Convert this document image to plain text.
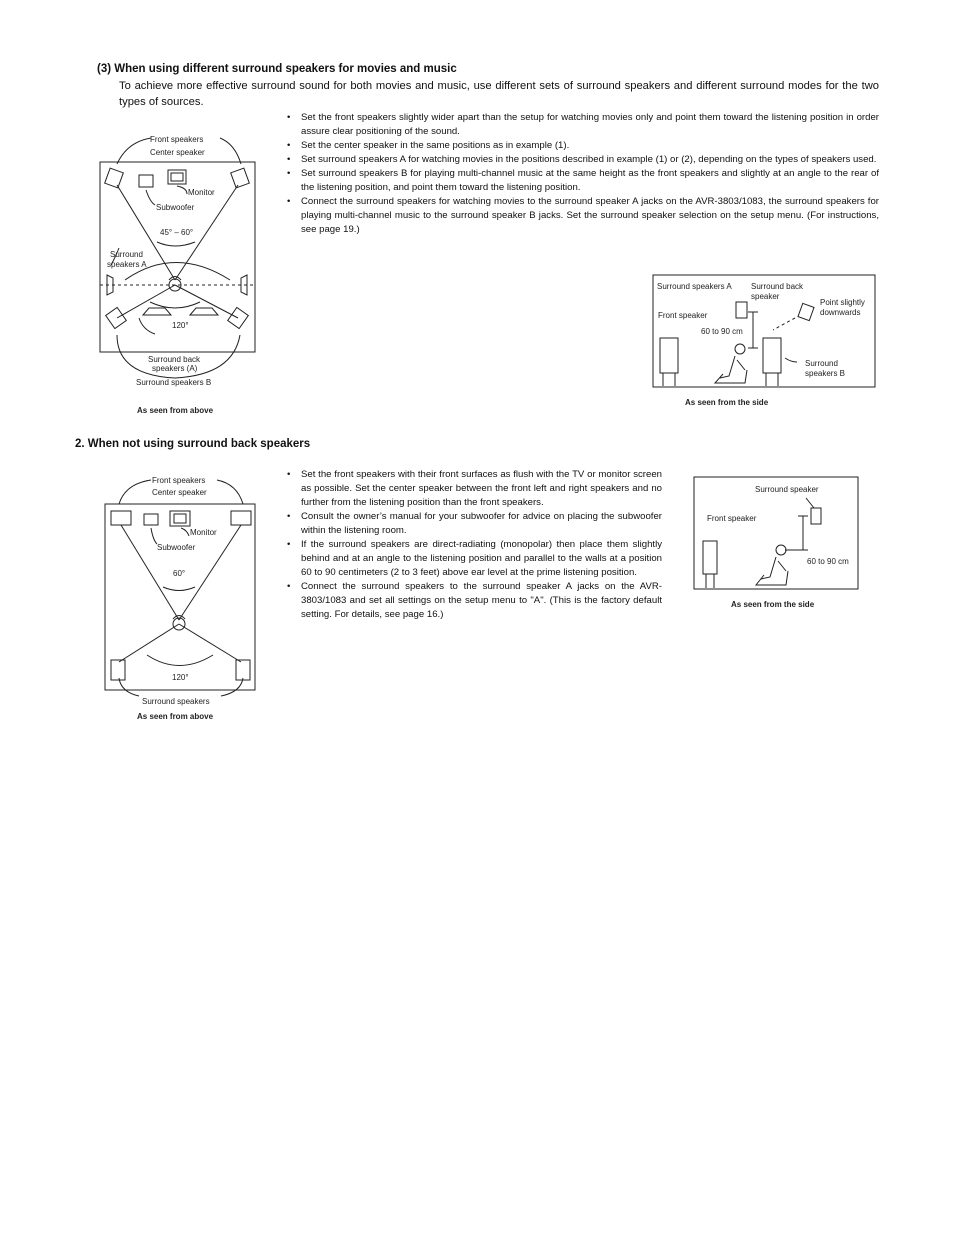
(3) When using different surround speakers for movies and music
To achieve more effective surround sound for both movies and music, use different sets of surround speakers and different surround modes for the two types of sources.
• Set the front speakers slightly wider apart than the setup for watching movies only and point them toward the listening position in order assure clear positioning of the sound.
• Set the center speaker in the same positions as in example (1).
• Set surround speakers A for watching movies in the positions described in example (1) or (2), depending on the types of speakers used.
• Set surround speakers B for playing multi-channel music at the same height as the front speakers and slightly at an angle to the rear of the listening position, and point them toward the listening position.
• Connect the surround speakers for watching movies to the surround speaker A jacks on the AVR-3803/1083, the surround speakers for playing multi-channel music to the surround speaker B jacks. Set the surround speaker selection on the setup menu. (For instructions, see page 19.)
Front speakers
Center speaker
Monitor
Subwoofer
45° – 60°
Surround
speakers A
120°
Surround back
speakers (A)
Surround speakers B
As seen from above
Surround speakers A Surround back
speaker
Point slightly
downwards
Front speaker
60 to 90 cm
Surround
speakers B
As seen from the side
2. When not using surround back speakers
• Set the front speakers with their front surfaces as flush with the TV or monitor screen as possible. Set the center speaker between the front left and right speakers and no further from the listening position than the front speakers.
• Consult the owner’s manual for your subwoofer for advice on placing the subwoofer within the listening room.
• If the surround speakers are direct-radiating (monopolar) then place them slightly behind and at an angle to the listening position and parallel to the walls at a position 60 to 90 centimeters (2 to 3 feet) above ear level at the prime listening position.
• Connect the surround speakers to the surround speaker A jacks on the AVR-3803/1083 and set all settings on the setup menu to "A". (This is the factory default setting. For details, see page 16.)
Front speakers
Center speaker
Monitor
Subwoofer
60°
120°
Surround speakers
As seen from above
Surround speaker
Front speaker
60 to 90 cm
As seen from the side
